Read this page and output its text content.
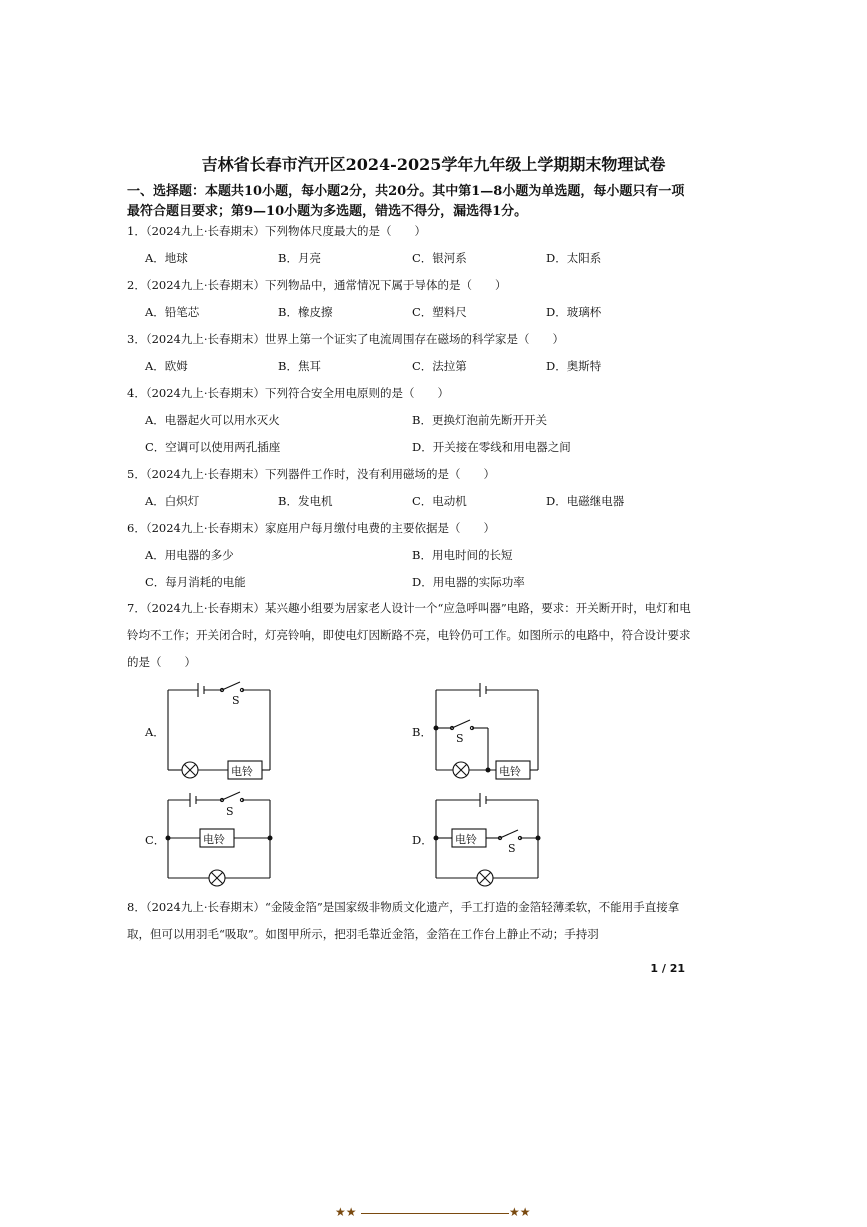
吉林省长春市汽开区2024-2025学年九年级上学期期末物理试卷
一、选择题：本题共10小题，每小题2分，共20分。其中第1—8小题为单选题，每小题只有一项最符合题目要求；第9—10小题为多选题，错选不得分，漏选得1分。
1．（2024九上·长春期末）下列物体尺度最大的是（　　）
A．地球	B．月亮	C．银河系	D．太阳系
2．（2024九上·长春期末）下列物品中，通常情况下属于导体的是（　　）
A．铅笔芯	B．橡皮擦	C．塑料尺	D．玻璃杯
3．（2024九上·长春期末）世界上第一个证实了电流周围存在磁场的科学家是（　　）
A．欧姆	B．焦耳	C．法拉第	D．奥斯特
4．（2024九上·长春期末）下列符合安全用电原则的是（　　）
A．电器起火可以用水灭火	B．更换灯泡前先断开开关
C．空调可以使用两孔插座	D．开关接在零线和用电器之间
5．（2024九上·长春期末）下列器件工作时，没有利用磁场的是（　　）
A．白炽灯	B．发电机	C．电动机	D．电磁继电器
6．（2024九上·长春期末）家庭用户每月缴付电费的主要依据是（　　）
A．用电器的多少	B．用电时间的长短
C．每月消耗的电能	D．用电器的实际功率
7．（2024九上·长春期末）某兴趣小组要为居家老人设计一个“应急呼叫器”电路，要求：开关断开时，电灯和电铃均不工作；开关闭合时，灯亮铃响，即使电灯因断路不亮，电铃仍可工作。如图所示的电路中，符合设计要求的是（　　）
A．
S
电铃
B． S
电铃
C．
S
电铃	D．
S
电铃
8．（2024九上·长春期末）“金陵金箔”是国家级非物质文化遗产，手工打造的金箔轻薄柔软，不能用手直接拿取，但可以用羽毛“吸取”。如图甲所示，把羽毛靠近金箔，金箔在工作台上静止不动；手持羽
1 / 21
★★	★★
